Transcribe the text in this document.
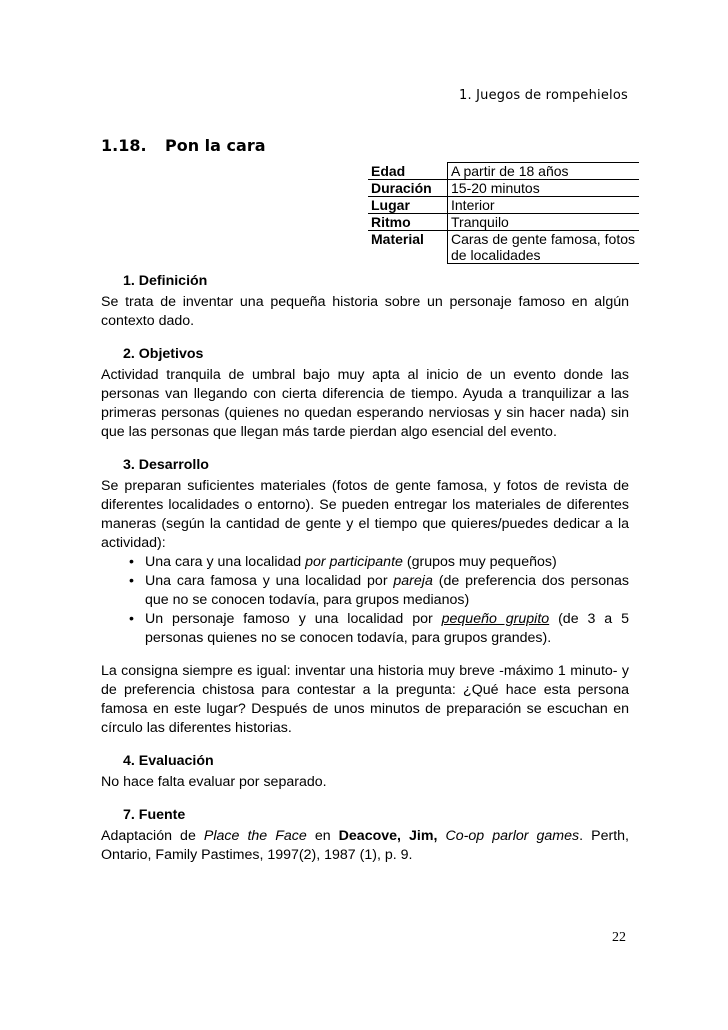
1. Juegos de rompehielos
1.18. Pon la cara
Edad	A partir de 18 años
Duración	15-20 minutos
Lugar	Interior
Ritmo	Tranquilo
Material	Caras de gente famosa, fotos de localidades
1. Definición

Se trata de inventar una pequeña historia sobre un personaje famoso en algún contexto dado.

2. Objetivos

Actividad tranquila de umbral bajo muy apta al inicio de un evento donde las personas van llegando con cierta diferencia de tiempo. Ayuda a tranquilizar a las primeras personas (quienes no quedan esperando nerviosas y sin hacer nada) sin que las personas que llegan más tarde pierdan algo esencial del evento.

3. Desarrollo

Se preparan suficientes materiales (fotos de gente famosa, y fotos de revista de diferentes localidades o entorno). Se pueden entregar los materiales de diferentes maneras (según la cantidad de gente y el tiempo que quieres/puedes dedicar a la actividad):

• Una cara y una localidad por participante (grupos muy pequeños)
• Una cara famosa y una localidad por pareja (de preferencia dos personas que no se conocen todavía, para grupos medianos)
• Un personaje famoso y una localidad por pequeño grupito (de 3 a 5 personas quienes no se conocen todavía, para grupos grandes).

La consigna siempre es igual: inventar una historia muy breve -máximo 1 minuto- y de preferencia chistosa para contestar a la pregunta: ¿Qué hace esta persona famosa en este lugar? Después de unos minutos de preparación se escuchan en círculo las diferentes historias.

4. Evaluación

No hace falta evaluar por separado.

7. Fuente

Adaptación de Place the Face en Deacove, Jim, Co-op parlor games. Perth, Ontario, Family Pastimes, 1997(2), 1987 (1), p. 9.

22
